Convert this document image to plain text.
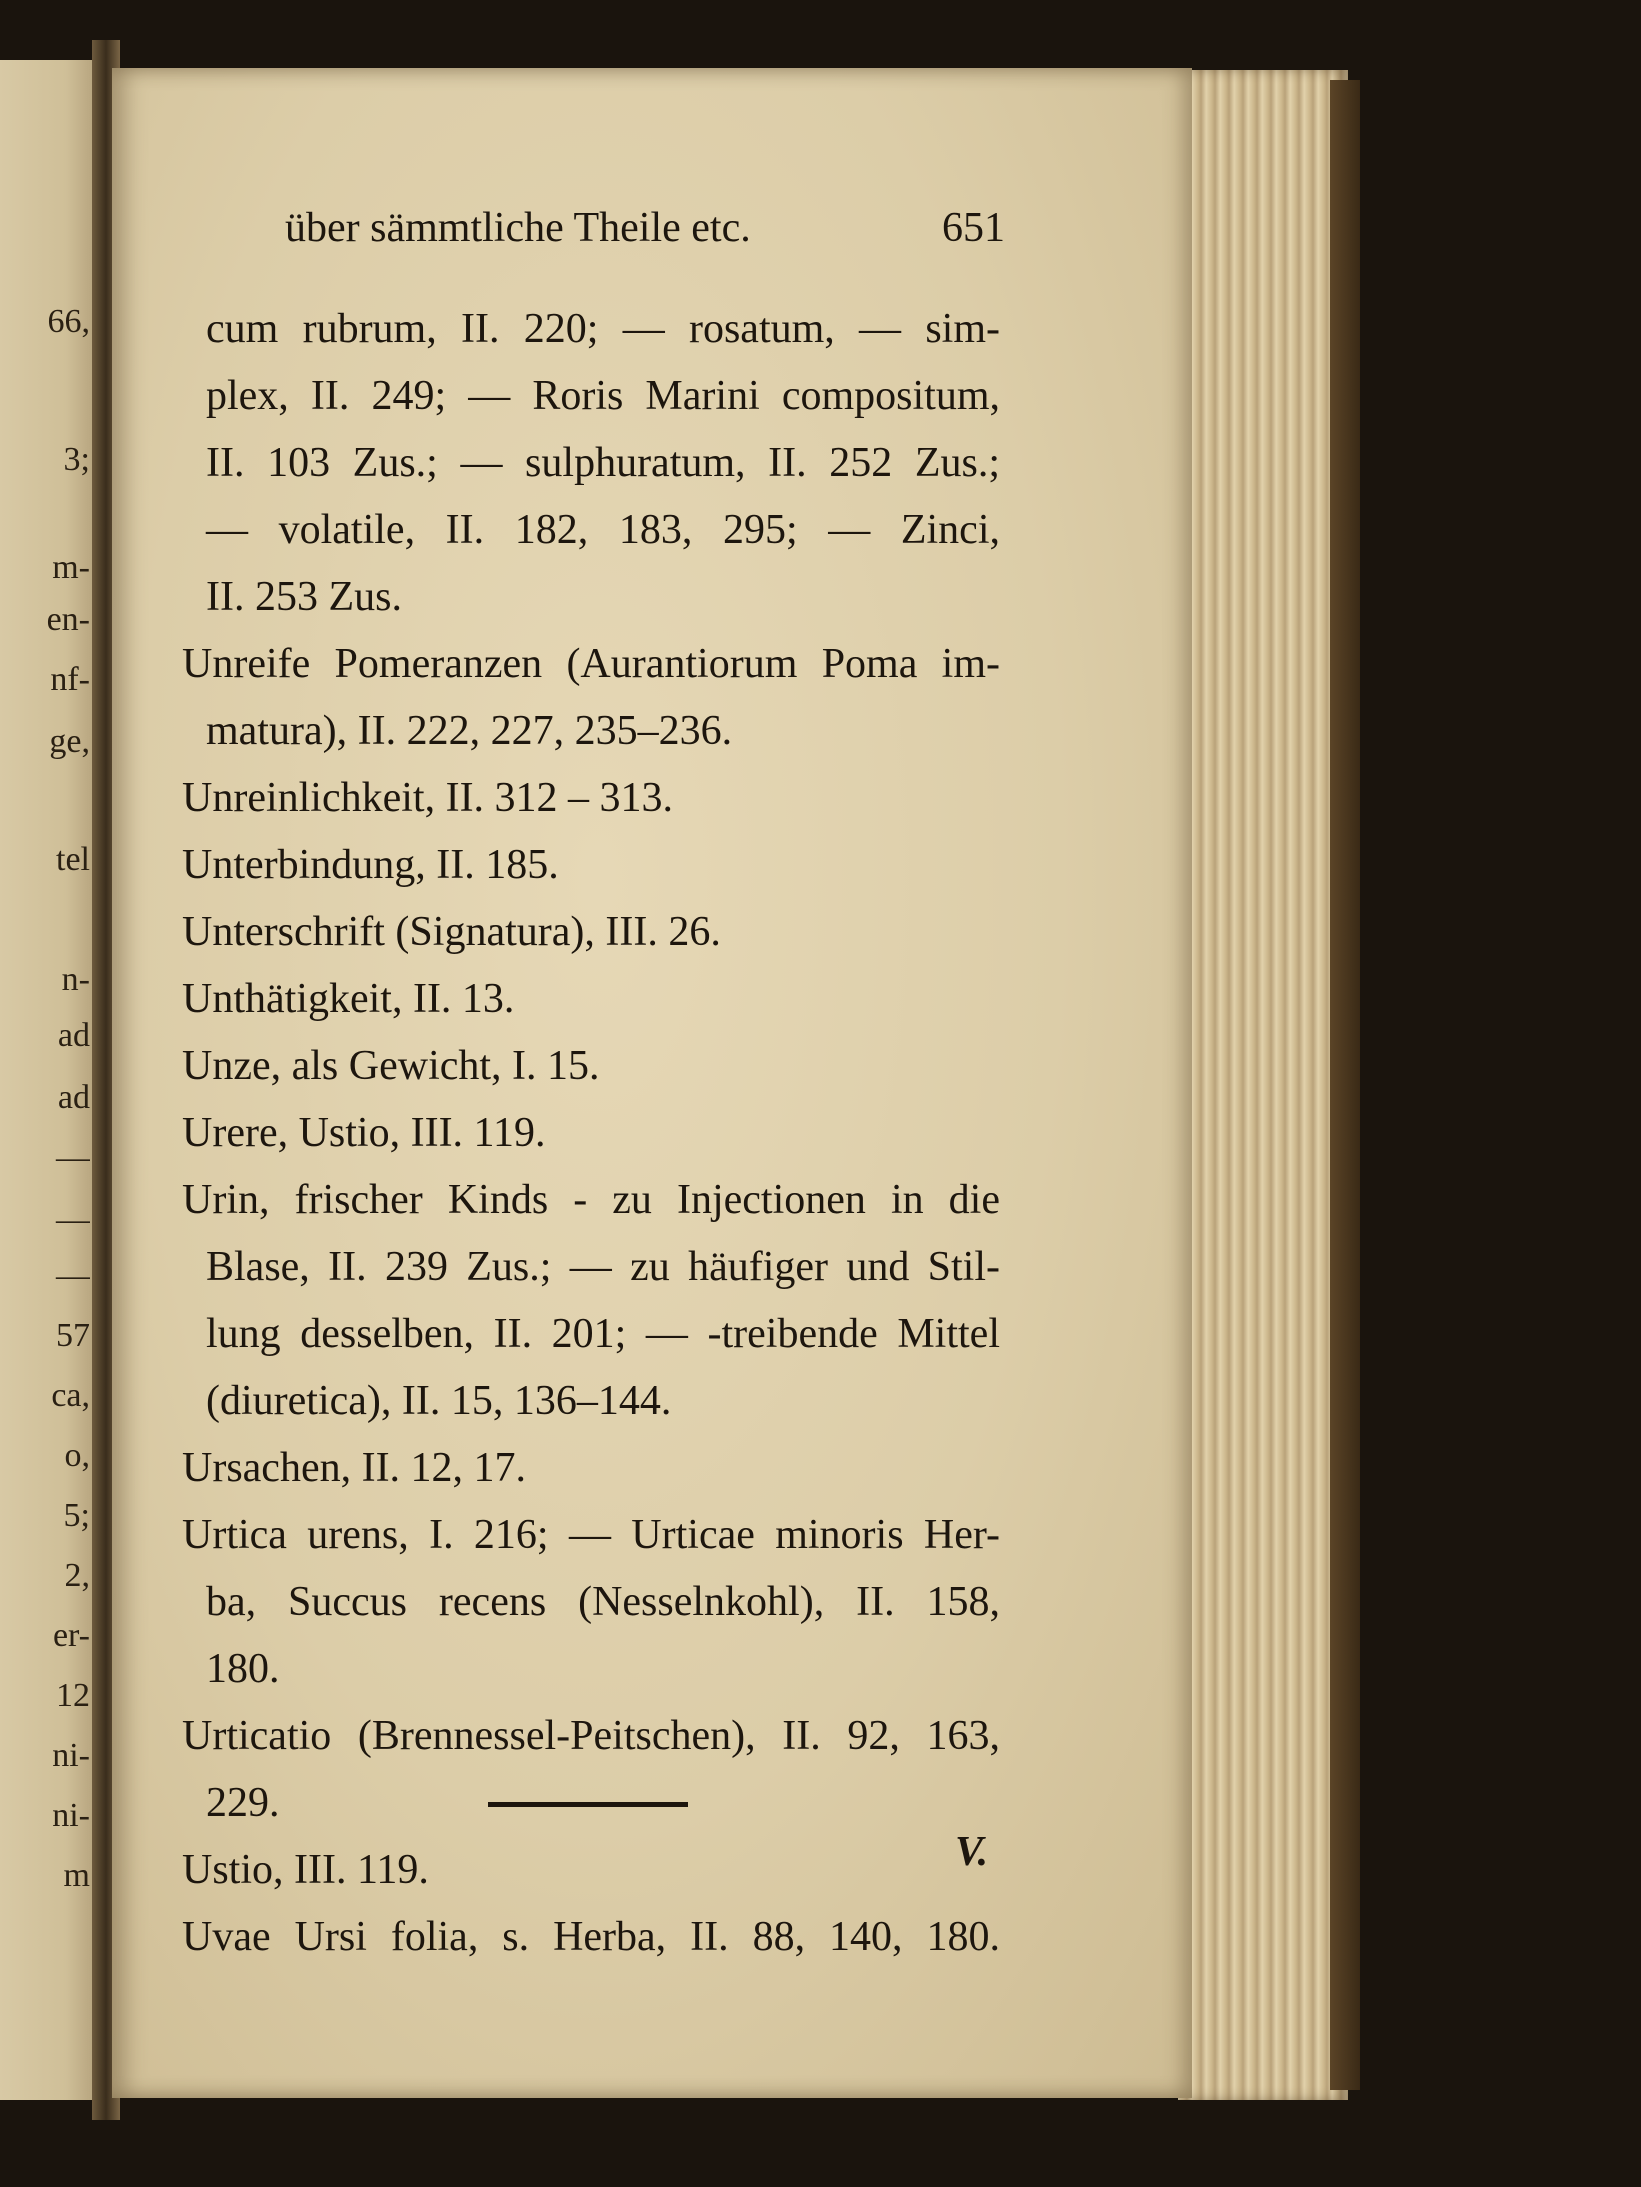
66,
3;
m-
en-
nf-
ge,
tel
n-
ad
ad
—
—
—
57
ca,
o,
5;
2,
er-
12
ni-
ni-
m
über sämmtliche Theile etc.	651
cum rubrum, II. 220; — rosatum, — sim-
plex, II. 249; — Roris Marini compositum,
II. 103 Zus.; — sulphuratum, II. 252 Zus.;
— volatile, II. 182, 183, 295; — Zinci,
II. 253 Zus.
Unreife Pomeranzen (Aurantiorum Poma im-
matura), II. 222, 227, 235–236.
Unreinlichkeit, II. 312 – 313.
Unterbindung, II. 185.
Unterschrift (Signatura), III. 26.
Unthätigkeit, II. 13.
Unze, als Gewicht, I. 15.
Urere, Ustio, III. 119.
Urin, frischer Kinds - zu Injectionen in die
Blase, II. 239 Zus.; — zu häufiger und Stil-
lung desselben, II. 201; — -treibende Mittel
(diuretica), II. 15, 136–144.
Ursachen, II. 12, 17.
Urtica urens, I. 216; — Urticae minoris Her-
ba, Succus recens (Nesselnkohl), II. 158,
180.
Urticatio (Brennessel-Peitschen), II. 92, 163,
229.
Ustio, III. 119.
Uvae Ursi folia, s. Herba, II. 88, 140, 180.
V.
